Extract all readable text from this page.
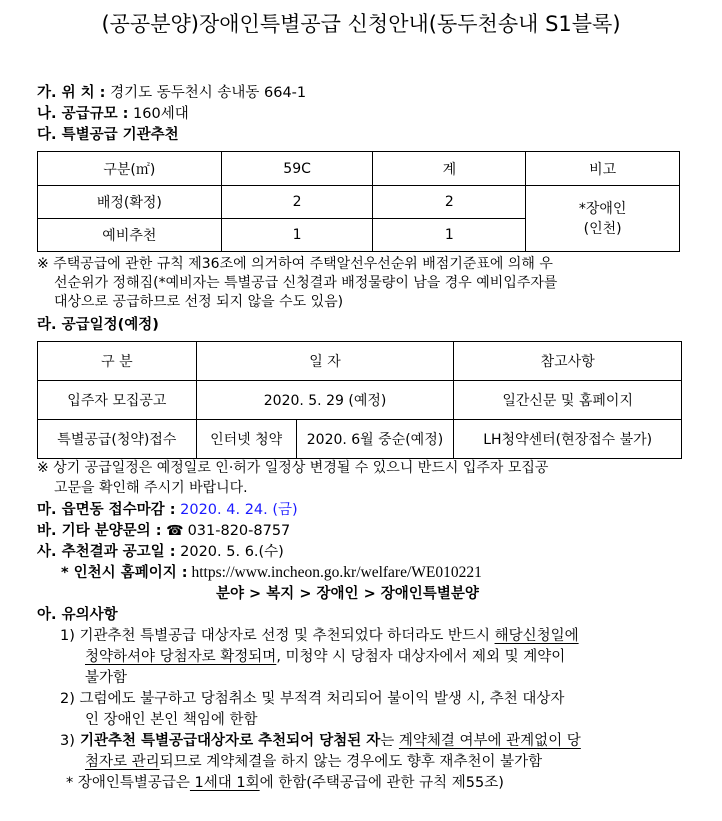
(공공분양)장애인특별공급 신청안내(동두천송내 S1블록)
가. 위 치 : 경기도 동두천시 송내동 664-1
나. 공급규모 : 160세대
다. 특별공급 기관추천
구분(㎡)	59C	계	비고
배정(확정)	2	2	*장애인
(인천)

예비추천	1	1	
※ 주택공급에 관한 규칙 제36조에 의거하여 주택알선우선순위 배점기준표에 의해 우
선순위가 정해짐(*예비자는 특별공급 신청결과 배정물량이 남을 경우 예비입주자를
대상으로 공급하므로 선정 되지 않을 수도 있음)
라. 공급일정(예정)
구 분	일 자		참고사항
입주자 모집공고	2020. 5. 29 (예정)		일간신문 및 홈페이지
특별공급(청약)접수	인터넷 청약	2020. 6월 중순(예정)	LH청약센터(현장접수 불가)
※ 상기 공급일정은 예정일로 인·허가 일정상 변경될 수 있으니 반드시 입주자 모집공
고문을 확인해 주시기 바랍니다.
마. 읍면동 접수마감 : 2020. 4. 24. (금)
바. 기타 분양문의 : ☎ 031-820-8757
사. 추천결과 공고일 : 2020. 5. 6.(수)
* 인천시 홈페이지 : https://www.incheon.go.kr/welfare/WE010221
분야 > 복지 > 장애인 > 장애인특별분양
아. 유의사항
1) 기관추천 특별공급 대상자로 선정 및 추천되었다 하더라도 반드시 해당신청일에
청약하셔야 당첨자로 확정되며, 미청약 시 당첨자 대상자에서 제외 및 계약이
불가함
2) 그럼에도 불구하고 당첨취소 및 부적격 처리되어 불이익 발생 시, 추천 대상자
인 장애인 본인 책임에 한함
3) 기관추천 특별공급대상자로 추천되어 당첨된 자는 계약체결 여부에 관계없이 당
첨자로 관리되므로 계약체결을 하지 않는 경우에도 향후 재추천이 불가함
* 장애인특별공급은 1세대 1회에 한함(주택공급에 관한 규칙 제55조)
